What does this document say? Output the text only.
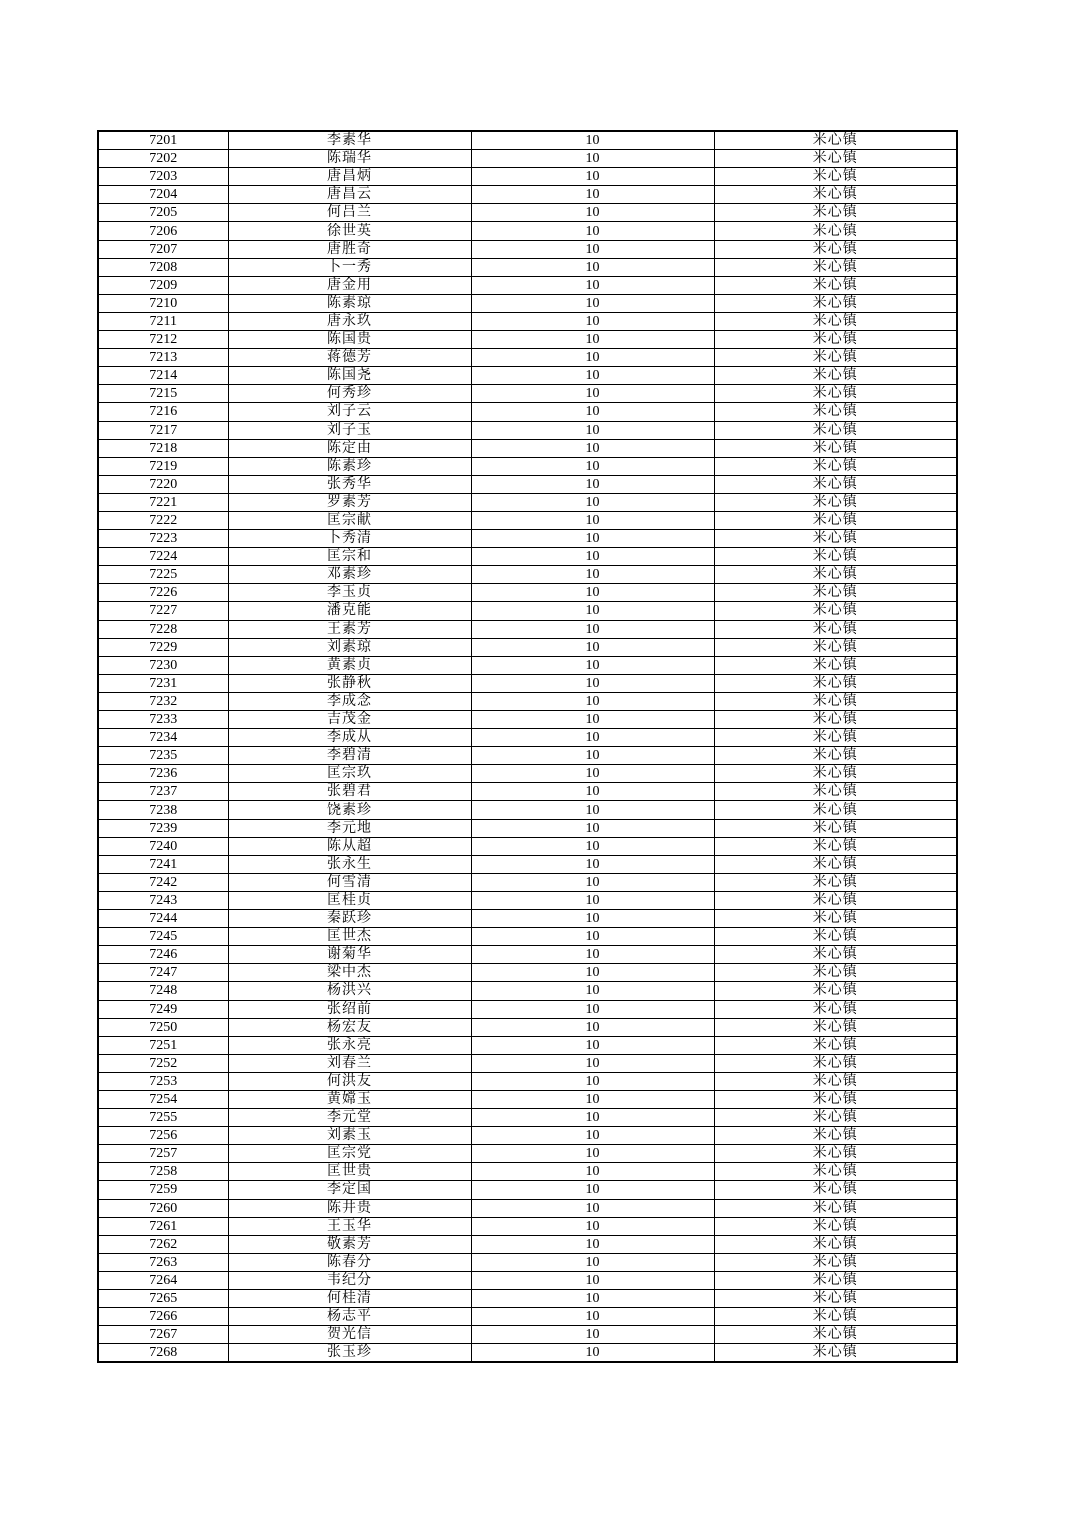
7201	李素华	10	米心镇
7202	陈瑞华	10	米心镇
7203	唐昌炳	10	米心镇
7204	唐昌云	10	米心镇
7205	何吕兰	10	米心镇
7206	徐世英	10	米心镇
7207	唐胜奇	10	米心镇
7208	卜一秀	10	米心镇
7209	唐金用	10	米心镇
7210	陈素琼	10	米心镇
7211	唐永玖	10	米心镇
7212	陈国贵	10	米心镇
7213	蒋德芳	10	米心镇
7214	陈国尧	10	米心镇
7215	何秀珍	10	米心镇
7216	刘子云	10	米心镇
7217	刘子玉	10	米心镇
7218	陈定由	10	米心镇
7219	陈素珍	10	米心镇
7220	张秀华	10	米心镇
7221	罗素芳	10	米心镇
7222	匡宗献	10	米心镇
7223	卜秀清	10	米心镇
7224	匡宗和	10	米心镇
7225	邓素珍	10	米心镇
7226	李玉贞	10	米心镇
7227	潘克能	10	米心镇
7228	王素芳	10	米心镇
7229	刘素琼	10	米心镇
7230	黄素贞	10	米心镇
7231	张静秋	10	米心镇
7232	李成念	10	米心镇
7233	吉茂金	10	米心镇
7234	李成从	10	米心镇
7235	李碧清	10	米心镇
7236	匡宗玖	10	米心镇
7237	张碧君	10	米心镇
7238	饶素珍	10	米心镇
7239	李元地	10	米心镇
7240	陈从超	10	米心镇
7241	张永生	10	米心镇
7242	何雪清	10	米心镇
7243	匡桂贞	10	米心镇
7244	秦跃珍	10	米心镇
7245	匡世杰	10	米心镇
7246	谢菊华	10	米心镇
7247	梁中杰	10	米心镇
7248	杨洪兴	10	米心镇
7249	张绍前	10	米心镇
7250	杨宏友	10	米心镇
7251	张永亮	10	米心镇
7252	刘春兰	10	米心镇
7253	何洪友	10	米心镇
7254	黄嫦玉	10	米心镇
7255	李元堂	10	米心镇
7256	刘素玉	10	米心镇
7257	匡宗党	10	米心镇
7258	匡世贵	10	米心镇
7259	李定国	10	米心镇
7260	陈井贵	10	米心镇
7261	王玉华	10	米心镇
7262	敬素芳	10	米心镇
7263	陈春分	10	米心镇
7264	韦纪分	10	米心镇
7265	何桂清	10	米心镇
7266	杨志平	10	米心镇
7267	贺光信	10	米心镇
7268	张玉珍	10	米心镇
